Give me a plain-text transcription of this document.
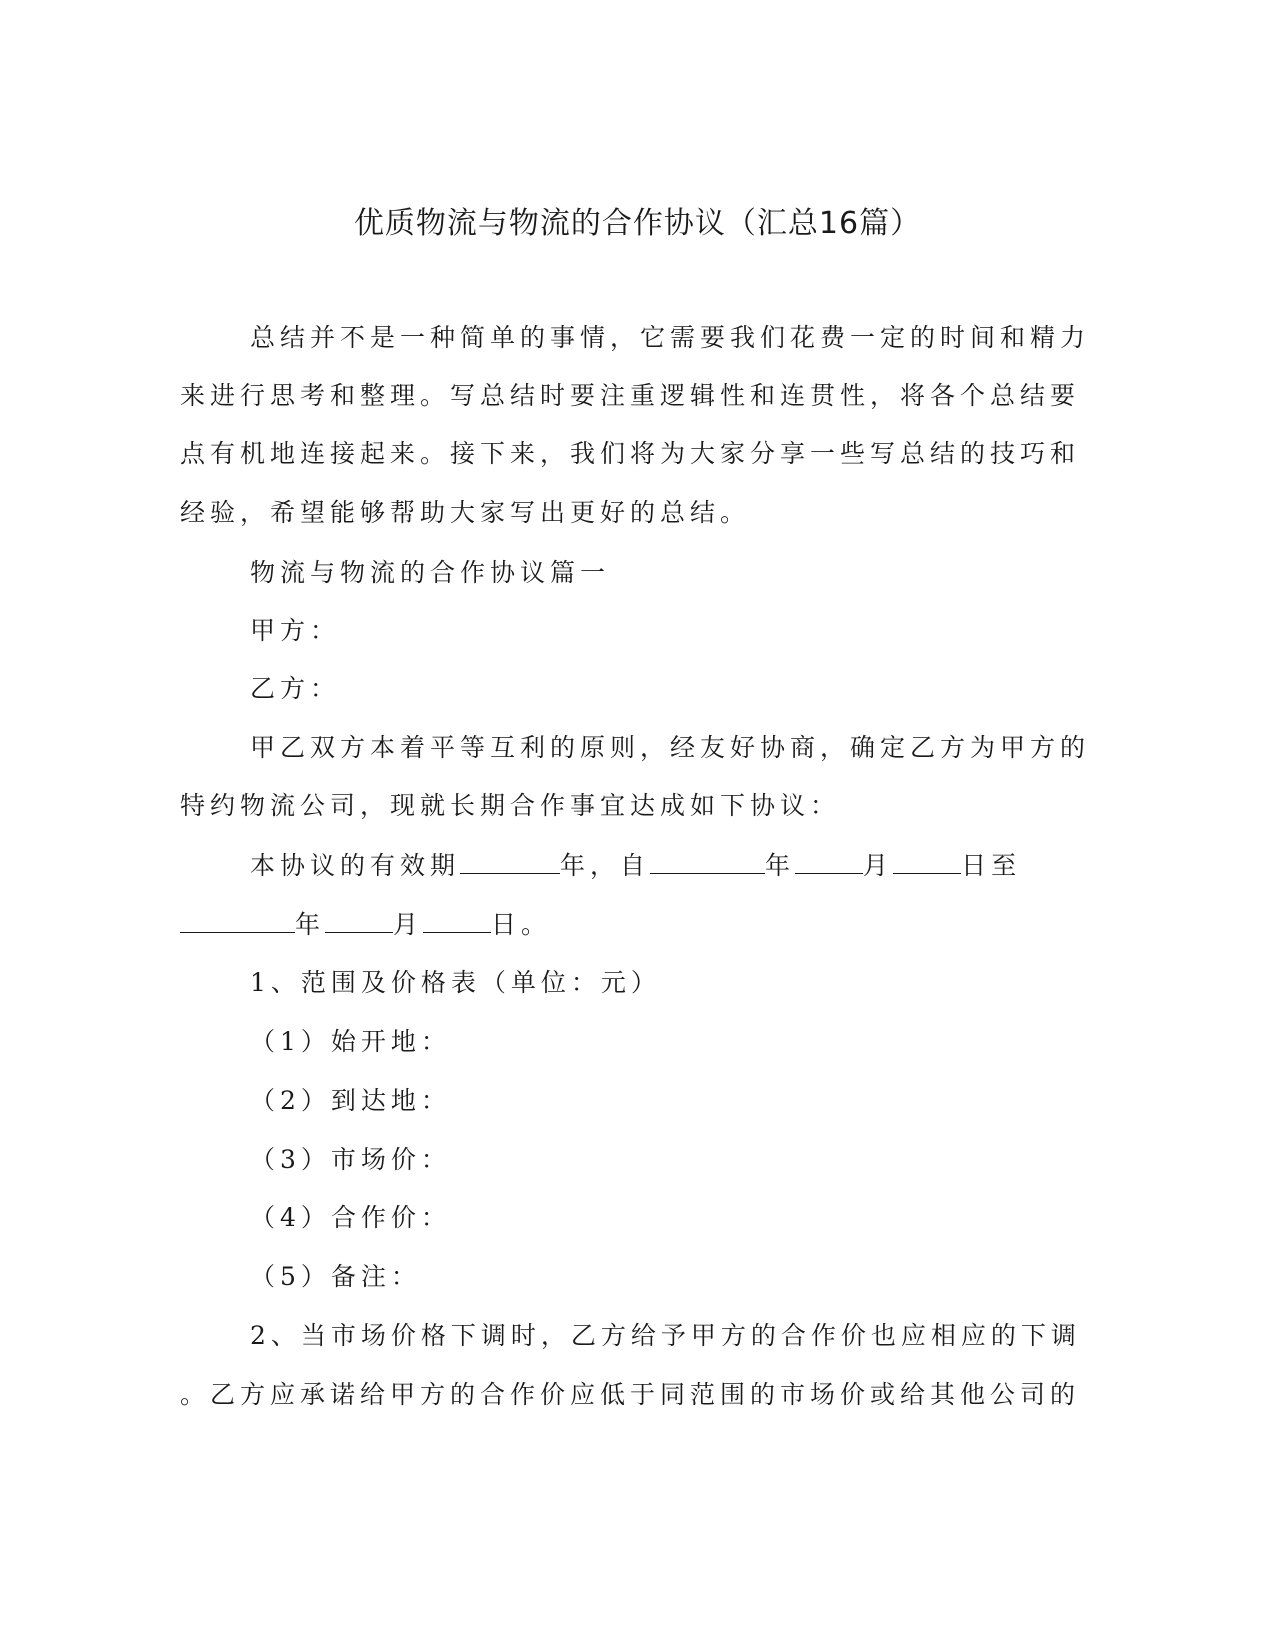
优质物流与物流的合作协议（汇总16篇）

总结并不是一种简单的事情，它需要我们花费一定的时间和精力

来进行思考和整理。写总结时要注重逻辑性和连贯性，将各个总结要

点有机地连接起来。接下来，我们将为大家分享一些写总结的技巧和

经验，希望能够帮助大家写出更好的总结。

物流与物流的合作协议篇一

甲方：

乙方：

甲乙双方本着平等互利的原则，经友好协商，确定乙方为甲方的

特约物流公司，现就长期合作事宜达成如下协议：

本协议的有效期	年，自	年	月	日至

年	月	日。

1、范围及价格表（单位：元）

（1）始开地：

（2）到达地：

（3）市场价：

（4）合作价：

（5）备注：

2、当市场价格下调时，乙方给予甲方的合作价也应相应的下调

。乙方应承诺给甲方的合作价应低于同范围的市场价或给其他公司的
